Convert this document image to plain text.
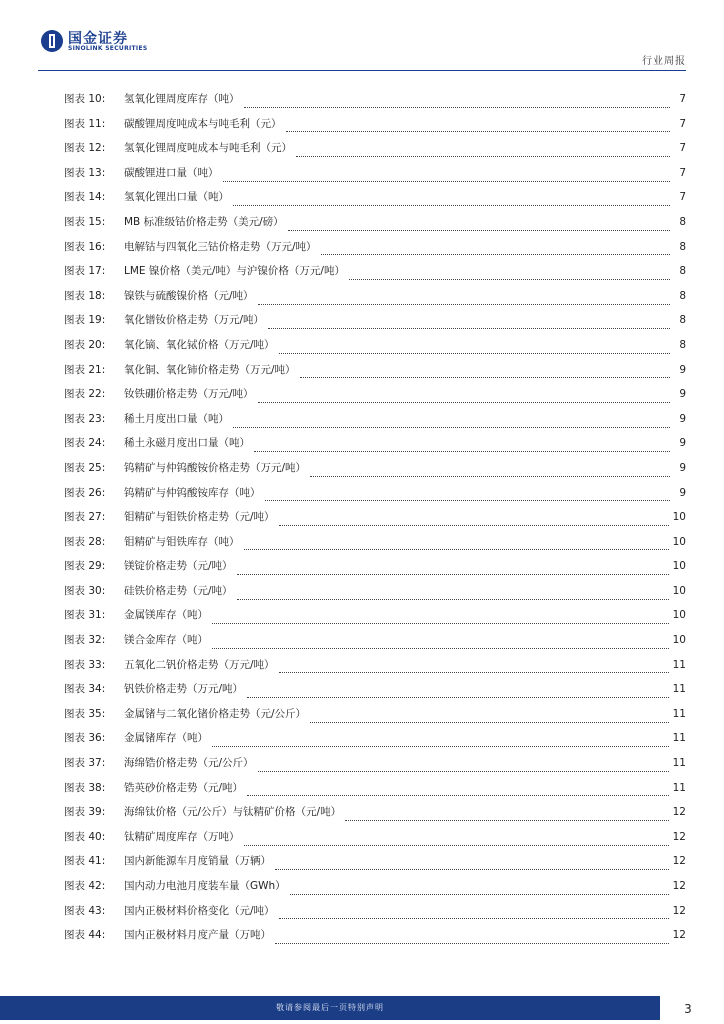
国金证券
SINOLINK SECURITIES
行业周报
图表 10:	氢氧化锂周度库存（吨）	7
图表 11:	碳酸锂周度吨成本与吨毛利（元）	7
图表 12:	氢氧化锂周度吨成本与吨毛利（元）	7
图表 13:	碳酸锂进口量（吨）	7
图表 14:	氢氧化锂出口量（吨）	7
图表 15:	MB 标准级钴价格走势（美元/磅）	8
图表 16:	电解钴与四氧化三钴价格走势（万元/吨）	8
图表 17:	LME 镍价格（美元/吨）与沪镍价格（万元/吨）	8
图表 18:	镍铁与硫酸镍价格（元/吨）	8
图表 19:	氧化镨钕价格走势（万元/吨）	8
图表 20:	氧化镝、氧化铽价格（万元/吨）	8
图表 21:	氧化铜、氧化铈价格走势（万元/吨）	9
图表 22:	钕铁硼价格走势（万元/吨）	9
图表 23:	稀土月度出口量（吨）	9
图表 24:	稀土永磁月度出口量（吨）	9
图表 25:	钨精矿与仲钨酸铵价格走势（万元/吨）	9
图表 26:	钨精矿与仲钨酸铵库存（吨）	9
图表 27:	钼精矿与钼铁价格走势（元/吨）	10
图表 28:	钼精矿与钼铁库存（吨）	10
图表 29:	镁锭价格走势（元/吨）	10
图表 30:	硅铁价格走势（元/吨）	10
图表 31:	金属镁库存（吨）	10
图表 32:	镁合金库存（吨）	10
图表 33:	五氧化二钒价格走势（万元/吨）	11
图表 34:	钒铁价格走势（万元/吨）	11
图表 35:	金属锗与二氧化锗价格走势（元/公斤）	11
图表 36:	金属锗库存（吨）	11
图表 37:	海绵锆价格走势（元/公斤）	11
图表 38:	锆英砂价格走势（元/吨）	11
图表 39:	海绵钛价格（元/公斤）与钛精矿价格（元/吨）	12
图表 40:	钛精矿周度库存（万吨）	12
图表 41:	国内新能源车月度销量（万辆）	12
图表 42:	国内动力电池月度装车量（GWh）	12
图表 43:	国内正极材料价格变化（元/吨）	12
图表 44:	国内正极材料月度产量（万吨）	12
敬请参阅最后一页特别声明	3
